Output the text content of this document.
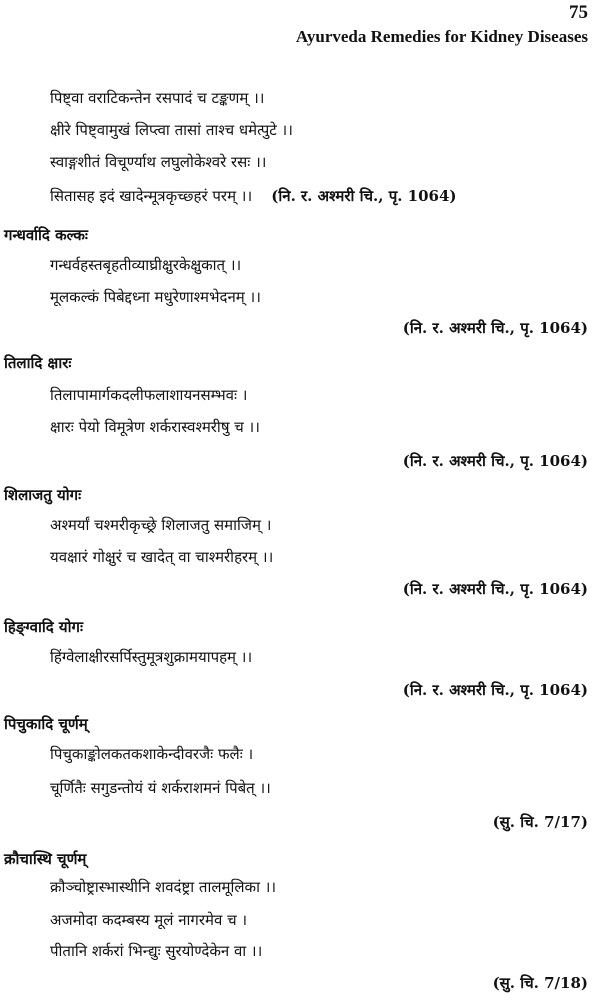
75
Ayurveda Remedies for Kidney Diseases
पिष्ट्वा वराटिकन्तेन रसपादं च टङ्कणम् ।।
क्षीरे पिष्ट्वामुखं लिप्त्वा तासां ताश्च धमेत्पुटे ।।
स्वाङ्गशीतं विचूर्ण्याथ लघुलोकेश्वरे रसः ।।
सितासह इदं खादेन्मूत्रकृच्छ्हरं परम् ।। (नि. र. अश्मरी चि., पृ. 1064)
गन्धर्वादि कल्कः
गन्धर्वहस्तबृहतीव्याघ्रीक्षुरकेक्षुकात् ।।
मूलकल्कं पिबेद्दध्ना मधुरेणाश्मभेदनम् ।।
(नि. र. अश्मरी चि., पृ. 1064)
तिलादि क्षारः
तिलापामार्गकदलीफलाशायनसम्भवः ।
क्षारः पेयो विमूत्रेण शर्करास्वश्मरीषु च ।।
(नि. र. अश्मरी चि., पृ. 1064)
शिलाजतु योगः
अश्मर्यां चश्मरीकृच्छ्रे शिलाजतु समाजिम् ।
यवक्षारं गोक्षुरं च खादेत् वा चाश्मरीहरम् ।।
(नि. र. अश्मरी चि., पृ. 1064)
हिङ्ग्वादि योगः
हिंग्वेलाक्षीरसर्पिस्तुमूत्रशुक्रामयापहम् ।।
(नि. र. अश्मरी चि., पृ. 1064)
पिचुकादि चूर्णम्
पिचुकाङ्कोलकतकशाकेन्दीवरजैः फलैः ।
चूर्णितैः सगुडन्तोयं यं शर्कराशमनं पिबेत् ।।
(सु. चि. 7/17)
क्रौचास्थि चूर्णम्
क्रौञ्चोष्ट्रास्भास्थीनि शवदंष्ट्रा तालमूलिका ।।
अजमोदा कदम्बस्य मूलं नागरमेव च ।
पीतानि शर्करां भिन्द्युः सुरयोण्देकेन वा ।।
(सु. चि. 7/18)
